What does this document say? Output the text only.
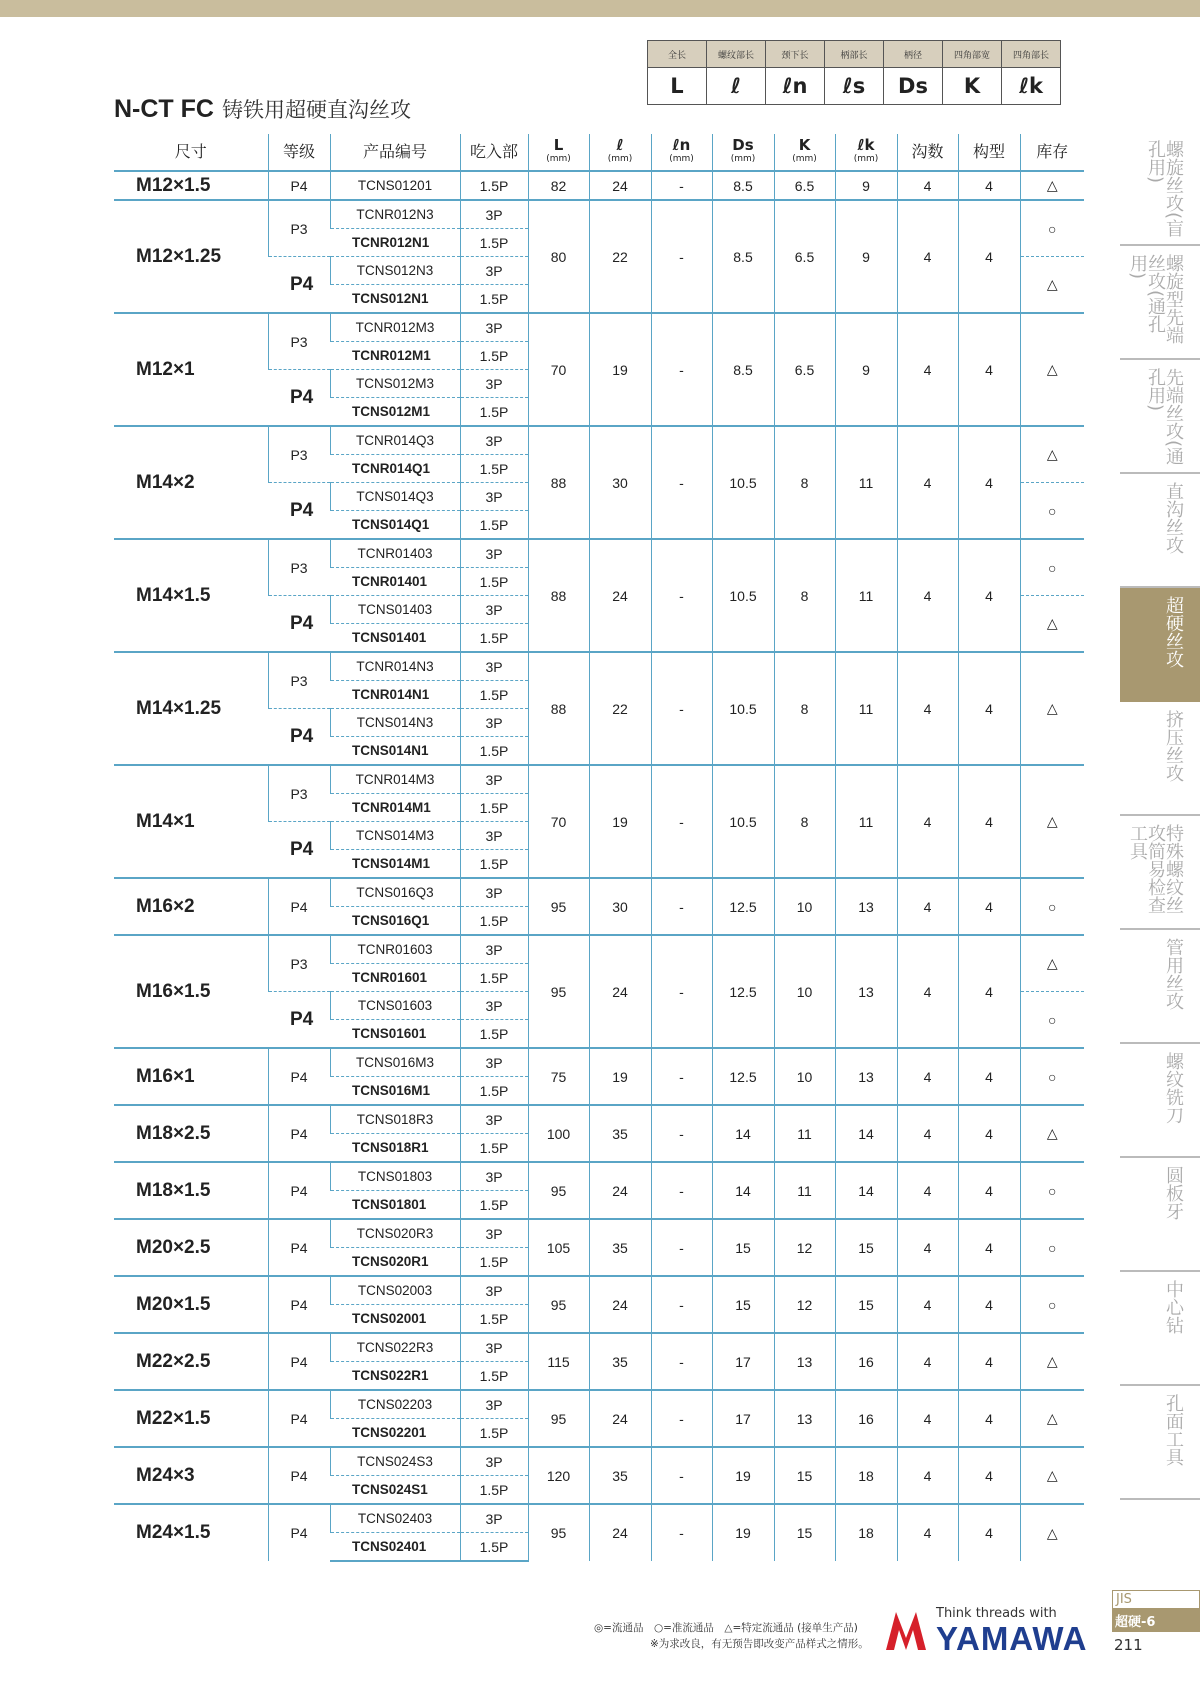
N-CT FC 铸铁用超硬直沟丝攻
全长	螺纹部长	颈下长	柄部长	柄径	四角部宽	四角部长
L	ℓ	ℓn	ℓs	Ds	K	ℓk
尺寸	等级	产品编号	吃入部	L
(mm)	ℓ
(mm)	ℓn
(mm)	Ds
(mm)	K
(mm)	ℓk
(mm)	沟数	构型	库存
M12×1.5	P4	TCNS01201	1.5P	82	24	-	8.5	6.5	9	4	4	△
M12×1.25	P3	TCNR012N3	3P	80	22	-	8.5	6.5	9	4	4	○
		TCNR012N1	1.5P									
	P4	TCNS012N3	3P									△
		TCNS012N1	1.5P									
M12×1	P3	TCNR012M3	3P	70	19	-	8.5	6.5	9	4	4	△
		TCNR012M1	1.5P									
	P4	TCNS012M3	3P									
		TCNS012M1	1.5P									
M14×2	P3	TCNR014Q3	3P	88	30	-	10.5	8	11	4	4	△
		TCNR014Q1	1.5P									
	P4	TCNS014Q3	3P									○
		TCNS014Q1	1.5P									
M14×1.5	P3	TCNR01403	3P	88	24	-	10.5	8	11	4	4	○
		TCNR01401	1.5P									
	P4	TCNS01403	3P									△
		TCNS01401	1.5P									
M14×1.25	P3	TCNR014N3	3P	88	22	-	10.5	8	11	4	4	△
		TCNR014N1	1.5P									
	P4	TCNS014N3	3P									
		TCNS014N1	1.5P									
M14×1	P3	TCNR014M3	3P	70	19	-	10.5	8	11	4	4	△
		TCNR014M1	1.5P									
	P4	TCNS014M3	3P									
		TCNS014M1	1.5P									
M16×2	P4	TCNS016Q3	3P	95	30	-	12.5	10	13	4	4	○
		TCNS016Q1	1.5P									
M16×1.5	P3	TCNR01603	3P	95	24	-	12.5	10	13	4	4	△
		TCNR01601	1.5P									
	P4	TCNS01603	3P									○
		TCNS01601	1.5P									
M16×1	P4	TCNS016M3	3P	75	19	-	12.5	10	13	4	4	○
		TCNS016M1	1.5P									
M18×2.5	P4	TCNS018R3	3P	100	35	-	14	11	14	4	4	△
		TCNS018R1	1.5P									
M18×1.5	P4	TCNS01803	3P	95	24	-	14	11	14	4	4	○
		TCNS01801	1.5P									
M20×2.5	P4	TCNS020R3	3P	105	35	-	15	12	15	4	4	○
		TCNS020R1	1.5P									
M20×1.5	P4	TCNS02003	3P	95	24	-	15	12	15	4	4	○
		TCNS02001	1.5P									
M22×2.5	P4	TCNS022R3	3P	115	35	-	17	13	16	4	4	△
		TCNS022R1	1.5P									
M22×1.5	P4	TCNS02203	3P	95	24	-	17	13	16	4	4	△
		TCNS02201	1.5P									
M24×3	P4	TCNS024S3	3P	120	35	-	19	15	18	4	4	△
		TCNS024S1	1.5P									
M24×1.5	P4	TCNS02403	3P	95	24	-	19	15	18	4	4	△
		TCNS02401	1.5P									
螺旋丝攻(盲孔用)
螺旋型先端丝攻(通孔用)
先端丝攻(通孔用)
直沟丝攻
超硬丝攻
挤压丝攻
特殊螺纹丝攻简易检查工具
管用丝攻
螺纹铣刀
圆板牙
中心钻
孔面工具
JIS
超硬-6
211
◎=流通品　○=准流通品　△=特定流通品 (接单生产品)
※为求改良，有无预告即改变产品样式之情形。
Think threads with
YAMAWA
